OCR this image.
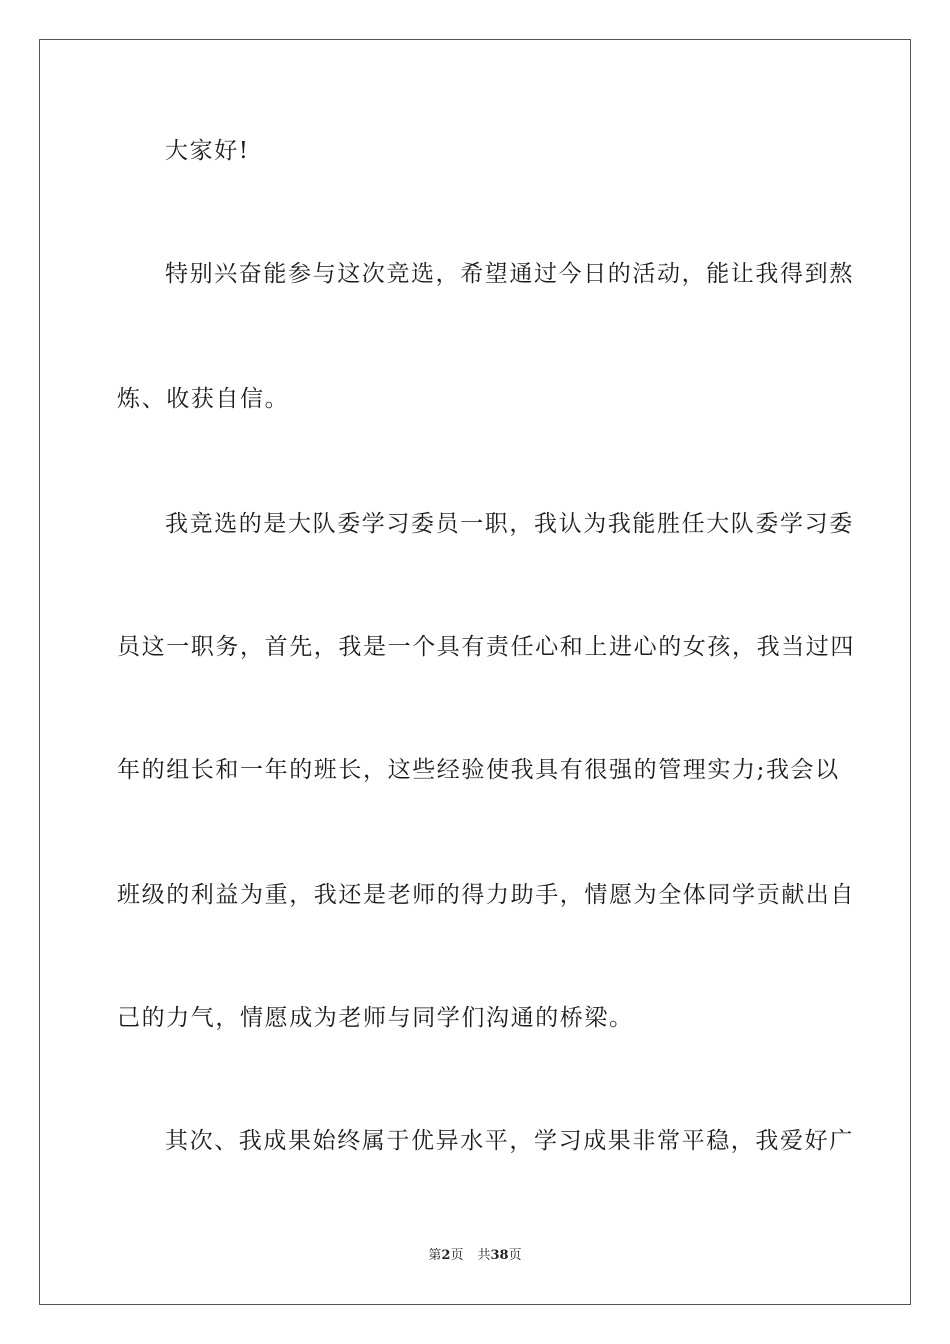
大家好!
特别兴奋能参与这次竞选，希望通过今日的活动，能让我得到熬
炼、收获自信。
我竞选的是大队委学习委员一职，我认为我能胜任大队委学习委
员这一职务，首先，我是一个具有责任心和上进心的女孩，我当过四
年的组长和一年的班长，这些经验使我具有很强的管理实力;我会以
班级的利益为重，我还是老师的得力助手，情愿为全体同学贡献出自
己的力气，情愿成为老师与同学们沟通的桥梁。
其次、我成果始终属于优异水平，学习成果非常平稳，我爱好广
第2页 共38页
